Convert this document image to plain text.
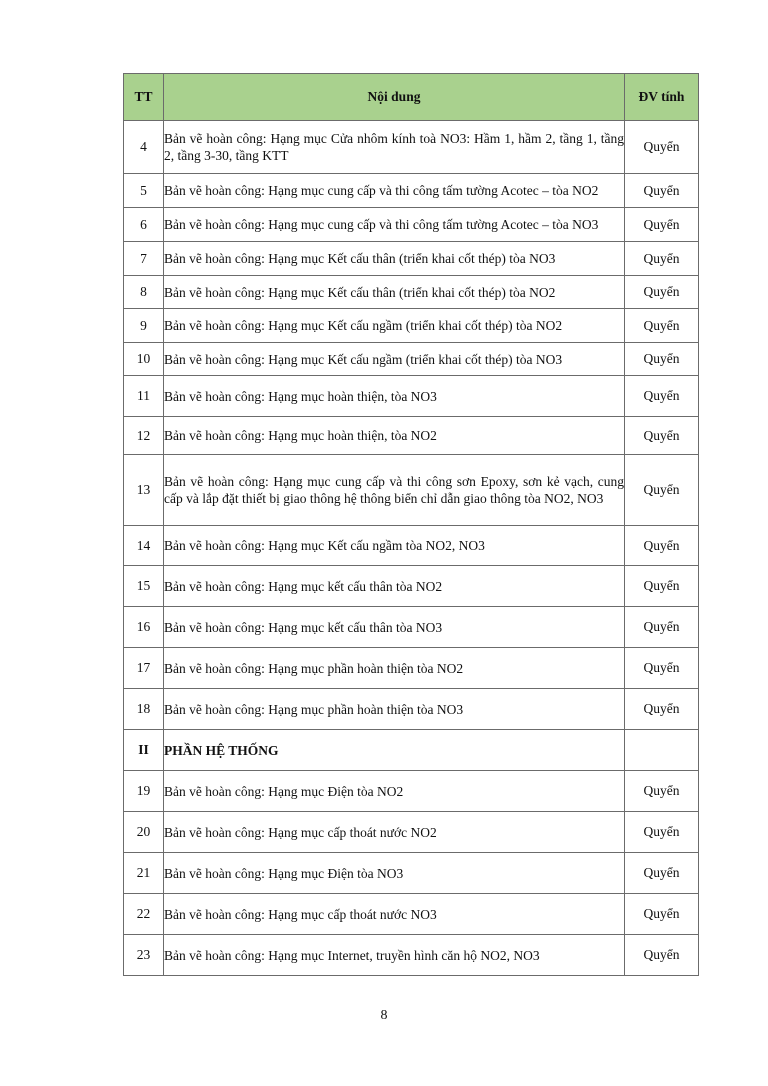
TT	Nội dung	ĐV tính
4	Bản vẽ hoàn công: Hạng mục Cửa nhôm kính toà NO3: Hầm 1, hầm 2, tầng 1, tầng 2, tầng 3-30, tầng KTT	Quyển
5	Bản vẽ hoàn công: Hạng mục cung cấp và thi công tấm tường Acotec – tòa NO2	Quyển
6	Bản vẽ hoàn công: Hạng mục cung cấp và thi công tấm tường Acotec – tòa NO3	Quyển
7	Bản vẽ hoàn công: Hạng mục Kết cấu thân (triển khai cốt thép) tòa NO3	Quyển
8	Bản vẽ hoàn công: Hạng mục Kết cấu thân (triển khai cốt thép) tòa NO2	Quyển
9	Bản vẽ hoàn công: Hạng mục Kết cấu ngầm (triển khai cốt thép) tòa NO2	Quyển
10	Bản vẽ hoàn công: Hạng mục Kết cấu ngầm (triển khai cốt thép) tòa NO3	Quyển
11	Bản vẽ hoàn công: Hạng mục hoàn thiện, tòa NO3	Quyển
12	Bản vẽ hoàn công: Hạng mục hoàn thiện, tòa NO2	Quyển
13	Bản vẽ hoàn công: Hạng mục cung cấp và thi công sơn Epoxy, sơn kẻ vạch, cung cấp và lắp đặt thiết bị giao thông hệ thông biển chỉ dẫn giao thông tòa NO2, NO3	Quyển
14	Bản vẽ hoàn công: Hạng mục Kết cấu ngầm tòa NO2, NO3	Quyển
15	Bản vẽ hoàn công: Hạng mục kết cấu thân tòa NO2	Quyển
16	Bản vẽ hoàn công: Hạng mục kết cấu thân tòa NO3	Quyển
17	Bản vẽ hoàn công: Hạng mục phần hoàn thiện tòa NO2	Quyển
18	Bản vẽ hoàn công: Hạng mục phần hoàn thiện tòa NO3	Quyển
II	PHẦN HỆ THỐNG	
19	Bản vẽ hoàn công: Hạng mục Điện tòa NO2	Quyển
20	Bản vẽ hoàn công: Hạng mục cấp thoát nước NO2	Quyển
21	Bản vẽ hoàn công: Hạng mục Điện tòa NO3	Quyển
22	Bản vẽ hoàn công: Hạng mục cấp thoát nước NO3	Quyển
23	Bản vẽ hoàn công: Hạng mục Internet, truyền hình căn hộ NO2, NO3	Quyển
8
